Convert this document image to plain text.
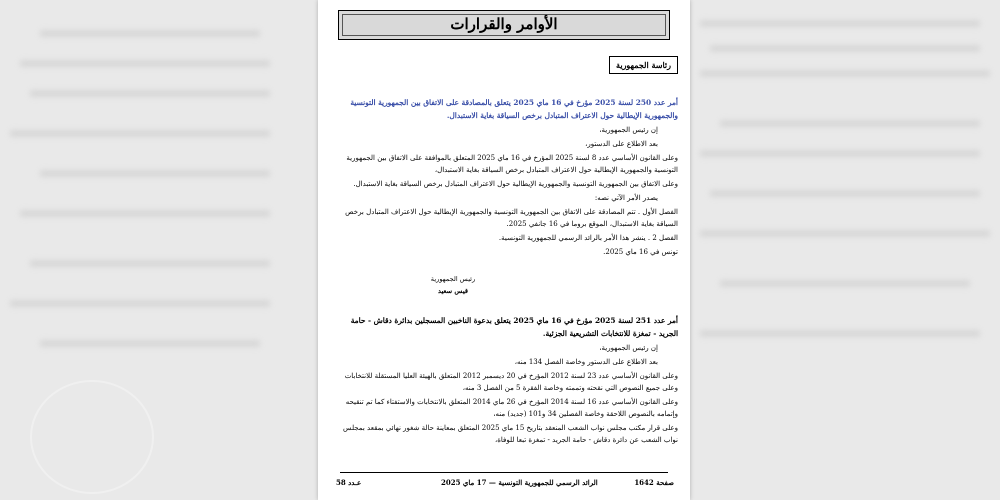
الأوامر والقرارات
رئاسة الجمهورية

أمر عدد 250 لسنة 2025 مؤرخ في 16 ماي 2025 يتعلق بالمصادقة على الاتفاق بين الجمهورية التونسية والجمهورية الإيطالية حول الاعتراف المتبادل برخص السياقة بغاية الاستبدال.

إن رئيس الجمهورية،

بعد الاطلاع على الدستور،

وعلى القانون الأساسي عدد 8 لسنة 2025 المؤرخ في 16 ماي 2025 المتعلق بالموافقة على الاتفاق بين الجمهورية التونسية والجمهورية الإيطالية حول الاعتراف المتبادل برخص السياقة بغاية الاستبدال،

وعلى الاتفاق بين الجمهورية التونسية والجمهورية الإيطالية حول الاعتراف المتبادل برخص السياقة بغاية الاستبدال.

يصدر الأمر الآتي نصه:

الفصل الأول . تتم المصادقة على الاتفاق بين الجمهورية التونسية والجمهورية الإيطالية حول الاعتراف المتبادل برخص السياقة بغاية الاستبدال، الموقع بروما في 16 جانفي 2025.

الفصل 2 . ينشر هذا الأمر بالرائد الرسمي للجمهورية التونسية.

تونس في 16 ماي 2025.

رئيس الجمهورية
قيس سعيد

أمر عدد 251 لسنة 2025 مؤرخ في 16 ماي 2025 يتعلق بدعوة الناخبين المسجلين بدائرة دقاش - حامة الجريد - تمغزة للانتخابات التشريعية الجزئية.

إن رئيس الجمهورية،

بعد الاطلاع على الدستور وخاصة الفصل 134 منه،

وعلى القانون الأساسي عدد 23 لسنة 2012 المؤرخ في 20 ديسمبر 2012 المتعلق بالهيئة العليا المستقلة للانتخابات وعلى جميع النصوص التي نقحته وتممته وخاصة الفقرة 5 من الفصل 3 منه،

وعلى القانون الأساسي عدد 16 لسنة 2014 المؤرخ في 26 ماي 2014 المتعلق بالانتخابات والاستفتاء كما تم تنقيحه وإتمامه بالنصوص اللاحقة وخاصة الفصلين 34 و101 (جديد) منه،

وعلى قرار مكتب مجلس نواب الشعب المنعقد بتاريخ 15 ماي 2025 المتعلق بمعاينة حالة شغور نهائي بمقعد بمجلس نواب الشعب عن دائرة دقاش - حامة الجريد - تمغزة تبعا للوفاة،

صفحة 1642
الرائد الرسمي للجمهورية التونسية — 17 ماي 2025
عـدد 58
